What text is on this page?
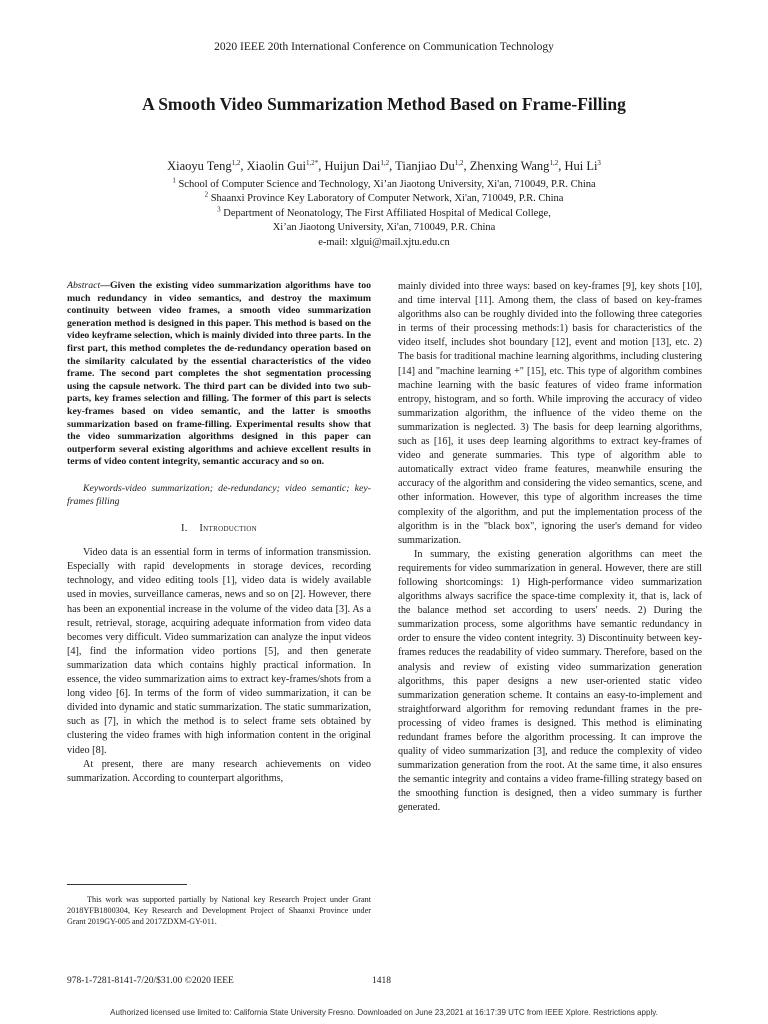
2020 IEEE 20th International Conference on Communication Technology
A Smooth Video Summarization Method Based on Frame-Filling
Xiaoyu Teng$^{1,2}$, Xiaolin Gui$^{1,2*}$, Huijun Dai$^{1,2}$, Tianjiao Du$^{1,2}$, Zhenxing Wang$^{1,2}$, Hui Li$^3$
$^1$ School of Computer Science and Technology, Xi’an Jiaotong University, Xi'an, 710049, P.R. China
$^2$ Shaanxi Province Key Laboratory of Computer Network, Xi'an, 710049, P.R. China
$^3$ Department of Neonatology, The First Affiliated Hospital of Medical College,
Xi’an Jiaotong University, Xi'an, 710049, P.R. China
e-mail: xlgui@mail.xjtu.edu.cn

Abstract—Given the existing video summarization algorithms have too much redundancy in video semantics, and destroy the maximum continuity between video frames, a smooth video summarization generation method is designed in this paper. This method is based on the video keyframe selection, which is mainly divided into three parts. In the first part, this method completes the de-redundancy operation based on the similarity calculated by the essential characteristics of the video frame. The second part completes the shot segmentation processing using the capsule network. The third part can be divided into two sub-parts, key frames selection and filling. The former of this part is selects key-frames based on video semantic, and the latter is smooths summarization based on frame-filling. Experimental results show that the video summarization algorithms designed in this paper can outperform several existing algorithms and achieve excellent results in terms of video content integrity, semantic accuracy and so on.

Keywords-video summarization; de-redundancy; video semantic; key-frames filling

I. Introduction

Video data is an essential form in terms of information transmission. Especially with rapid developments in storage devices, recording technology, and video editing tools [1], video data is widely available used in movies, surveillance cameras, news and so on [2]. However, there has been an exponential increase in the volume of the video data [3]. As a result, retrieval, storage, acquiring adequate information from video data becomes very difficult. Video summarization can analyze the input videos [4], find the information video portions [5], and then generate summarization data which contains highly practical information. In essence, the video summarization aims to extract key-frames/shots from a long video [6]. In terms of the form of video summarization, it can be divided into dynamic and static summarization. The static summarization, such as [7], in which the method is to select frame sets obtained by clustering the video frames with high information content in the original video [8].

At present, there are many research achievements on video summarization. According to counterpart algorithms,

This work was supported partially by National key Research Project under Grant 2018YFB1800304, Key Research and Development Project of Shaanxi Province under Grant 2019GY-005 and 2017ZDXM-GY-011.

mainly divided into three ways: based on key-frames [9], key shots [10], and time interval [11]. Among them, the class of based on key-frames algorithms also can be roughly divided into the following three categories in terms of their processing methods:1) basis for characteristics of the video itself, includes shot boundary [12], event and motion [13], etc. 2) The basis for traditional machine learning algorithms, including clustering [14] and "machine learning +" [15], etc. This type of algorithm combines machine learning with the basic features of video frame information entropy, histogram, and so forth. While improving the accuracy of video summarization algorithm, the influence of the video theme on the summarization is neglected. 3) The basis for deep learning algorithms, such as [16], it uses deep learning algorithms to extract key-frames of video and generate summaries. This type of algorithm able to automatically extract video frame features, meanwhile ensuring the accuracy of the algorithm and considering the video semantics, scene, and other information. However, this type of algorithm increases the time complexity of the algorithm, and put the implementation process of the algorithm is in the "black box", ignoring the user's demand for video summarization.

In summary, the existing generation algorithms can meet the requirements for video summarization in general. However, there are still following shortcomings: 1) High-performance video summarization algorithms always sacrifice the space-time complexity it, that is, lack of the balance method set according to users' needs. 2) During the summarization process, some algorithms have semantic redundancy in order to ensure the video content integrity. 3) Discontinuity between key-frames reduces the readability of video summary. Therefore, based on the analysis and review of existing video summarization generation algorithms, this paper designs a new user-oriented static video summarization generation scheme. It contains an easy-to-implement and straightforward algorithm for removing redundant frames in the pre-processing of video frames is designed. This method is eliminating redundant frames before the algorithm processing. It can improve the quality of video summarization [3], and reduce the complexity of video summarization generation from the root. At the same time, it also ensures the semantic integrity and contains a video frame-filling strategy based on the smoothing function is designed, then a video summary is further generated.

978-1-7281-8141-7/20/$31.00 ©2020 IEEE	1418
Authorized licensed use limited to: California State University Fresno. Downloaded on June 23,2021 at 16:17:39 UTC from IEEE Xplore. Restrictions apply.
